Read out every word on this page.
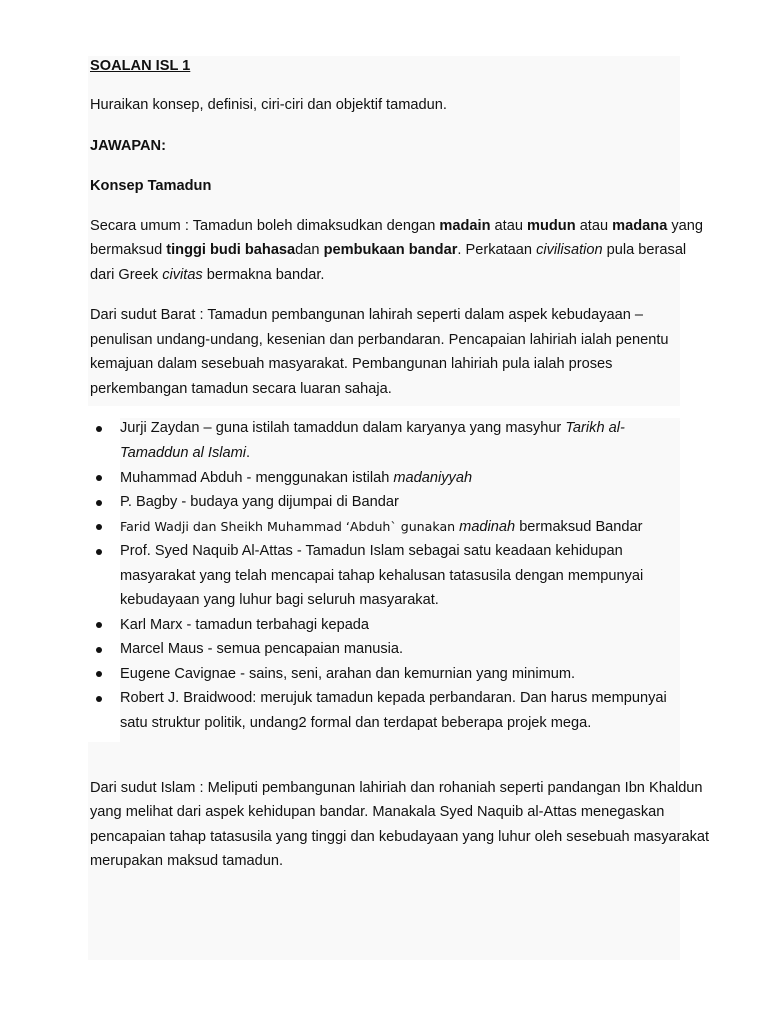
SOALAN ISL 1
Huraikan konsep, definisi, ciri-ciri dan objektif tamadun.
JAWAPAN:
Konsep Tamadun
Secara umum : Tamadun boleh dimaksudkan dengan madain atau mudun atau madana yang
bermaksud tinggi budi bahasadan pembukaan bandar. Perkataan civilisation pula berasal
dari Greek civitas bermakna bandar.
Dari sudut Barat : Tamadun pembangunan lahirah seperti dalam aspek kebudayaan –
penulisan undang-undang, kesenian dan perbandaran. Pencapaian lahiriah ialah penentu
kemajuan dalam sesebuah masyarakat. Pembangunan lahiriah pula ialah proses
perkembangan tamadun secara luaran sahaja.
Jurji Zaydan – guna istilah tamaddun dalam karyanya yang masyhur Tarikh al-
Tamaddun al Islami.
Muhammad Abduh - menggunakan istilah madaniyyah
P. Bagby - budaya yang dijumpai di Bandar
Farid Wadji dan Sheikh Muhammad ‘Abduh` gunakan madinah bermaksud Bandar
Prof. Syed Naquib Al-Attas - Tamadun Islam sebagai satu keadaan kehidupan
masyarakat yang telah mencapai tahap kehalusan tatasusila dengan mempunyai
kebudayaan yang luhur bagi seluruh masyarakat.
Karl Marx - tamadun terbahagi kepada
Marcel Maus - semua pencapaian manusia.
Eugene Cavignae - sains, seni, arahan dan kemurnian yang minimum.
Robert J. Braidwood: merujuk tamadun kepada perbandaran. Dan harus mempunyai
satu struktur politik, undang2 formal dan terdapat beberapa projek mega.
Dari sudut Islam : Meliputi pembangunan lahiriah dan rohaniah seperti pandangan Ibn Khaldun
yang melihat dari aspek kehidupan bandar. Manakala Syed Naquib al-Attas menegaskan
pencapaian tahap tatasusila yang tinggi dan kebudayaan yang luhur oleh sesebuah masyarakat
merupakan maksud tamadun.
